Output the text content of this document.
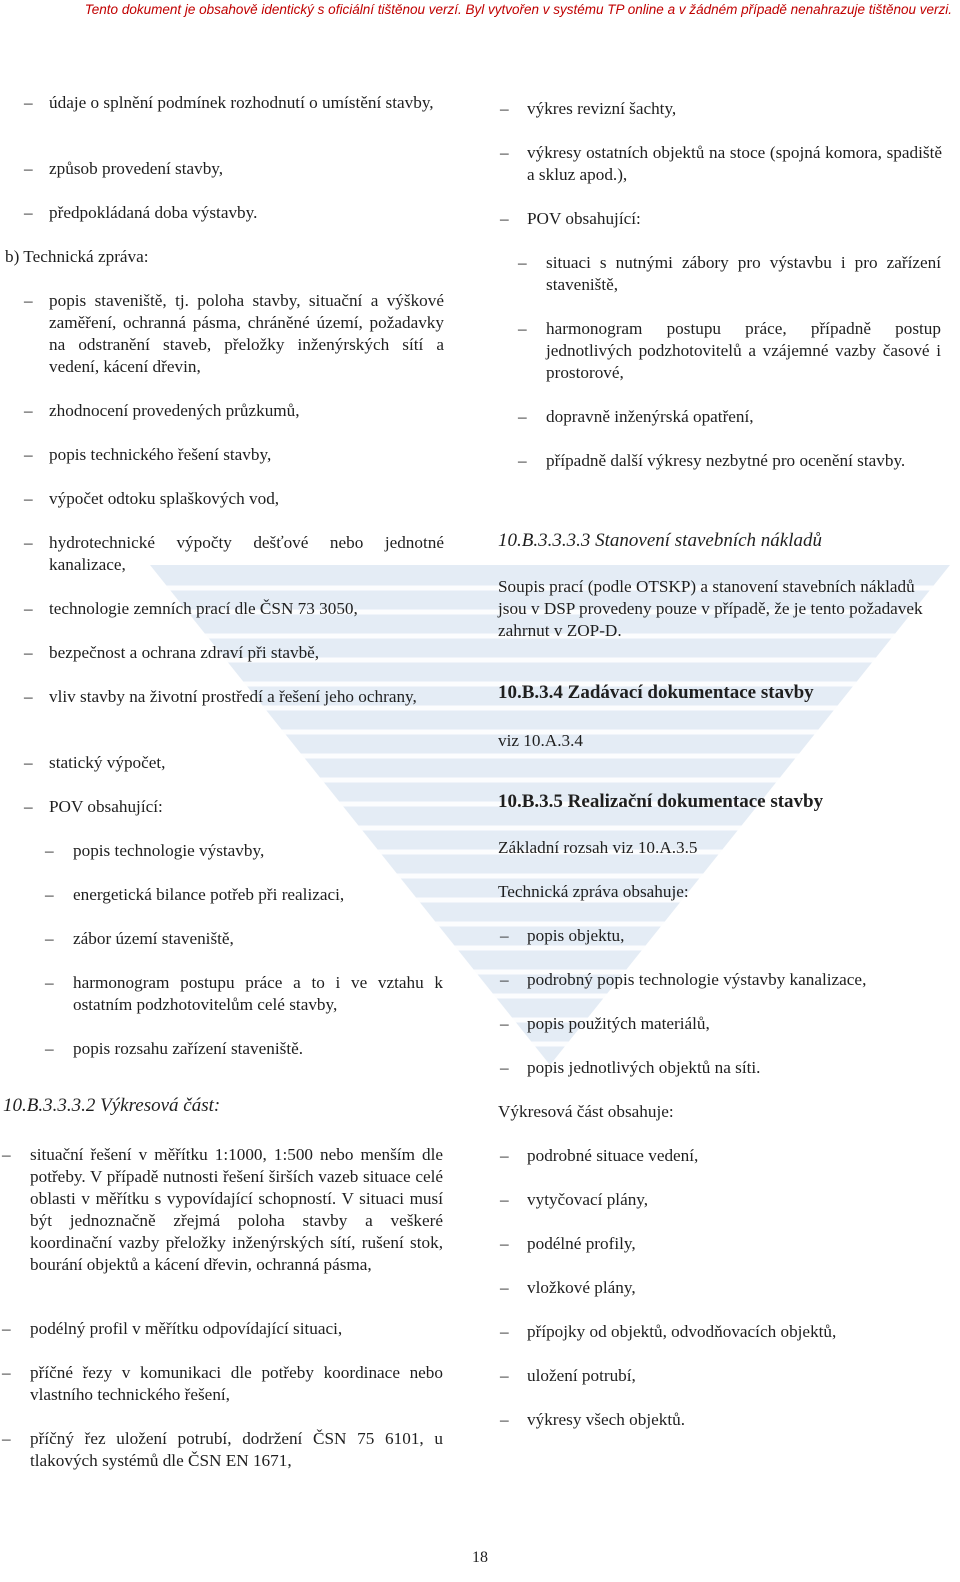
Tento dokument je obsahově identický s oficiální tištěnou verzí. Byl vytvořen v systému TP online a v žádném případě nenahrazuje tištěnou verzi.
– údaje o splnění podmínek rozhodnutí o umístění stavby,

– způsob provedení stavby,

– předpokládaná doba výstavby.

b) Technická zpráva:
– popis staveniště, tj. poloha stavby, situační a výškové zaměření, ochranná pásma, chráněné území, požadavky na odstranění staveb, přeložky inženýrských sítí a vedení, kácení dřevin,

– zhodnocení provedených průzkumů,

– popis technického řešení stavby,

– výpočet odtoku splaškových vod,

– hydrotechnické výpočty dešťové nebo jednotné kanalizace,

– technologie zemních prací dle ČSN 73 3050,

– bezpečnost a ochrana zdraví při stavbě,

– vliv stavby na životní prostředí a řešení jeho ochrany,

– statický výpočet,

– POV obsahující:

– popis technologie výstavby,

– energetická bilance potřeb při realizaci,

– zábor území staveniště,

– harmonogram postupu práce a to i ve vztahu k ostatním podzhotovitelům celé stavby,

– popis rozsahu zařízení staveniště.

10.B.3.3.3.2 Výkresová část:
– situační řešení v měřítku 1:1000, 1:500 nebo menším dle potřeby. V případě nutnosti řešení širších vazeb situace celé oblasti v měřítku s vypovídající schopností. V situaci musí být jednoznačně zřejmá poloha stavby a veškeré koordinační vazby přeložky inženýrských sítí, rušení stok, bourání objektů a kácení dřevin, ochranná pásma,

– podélný profil v měřítku odpovídající situaci,

– příčné řezy v komunikaci dle potřeby koordinace nebo vlastního technického řešení,

– příčný řez uložení potrubí, dodržení ČSN 75 6101, u tlakových systémů dle ČSN EN 1671,

– výkres revizní šachty,

– výkresy ostatních objektů na stoce (spojná komora, spadiště a skluz apod.),

– POV obsahující:

– situaci s nutnými zábory pro výstavbu i pro zařízení staveniště,

– harmonogram postupu práce, případně postup jednotlivých podzhotovitelů a vzájemné vazby časové i prostorové,

– dopravně inženýrská opatření,

– případně další výkresy nezbytné pro ocenění stavby.

10.B.3.3.3.3 Stanovení stavebních nákladů
Soupis prací (podle OTSKP) a stanovení stavebních nákladů jsou v DSP provedeny pouze v případě, že je tento požadavek zahrnut v ZOP-D.
10.B.3.4 Zadávací dokumentace stavby
viz 10.A.3.4
10.B.3.5 Realizační dokumentace stavby
Základní rozsah viz 10.A.3.5
Technická zpráva obsahuje:
– popis objektu,

– podrobný popis technologie výstavby kanalizace,

– popis použitých materiálů,

– popis jednotlivých objektů na síti.

Výkresová část obsahuje:
– podrobné situace vedení,

– vytyčovací plány,

– podélné profily,

– vložkové plány,

– přípojky od objektů, odvodňovacích objektů,

– uložení potrubí,

– výkresy všech objektů.

18
